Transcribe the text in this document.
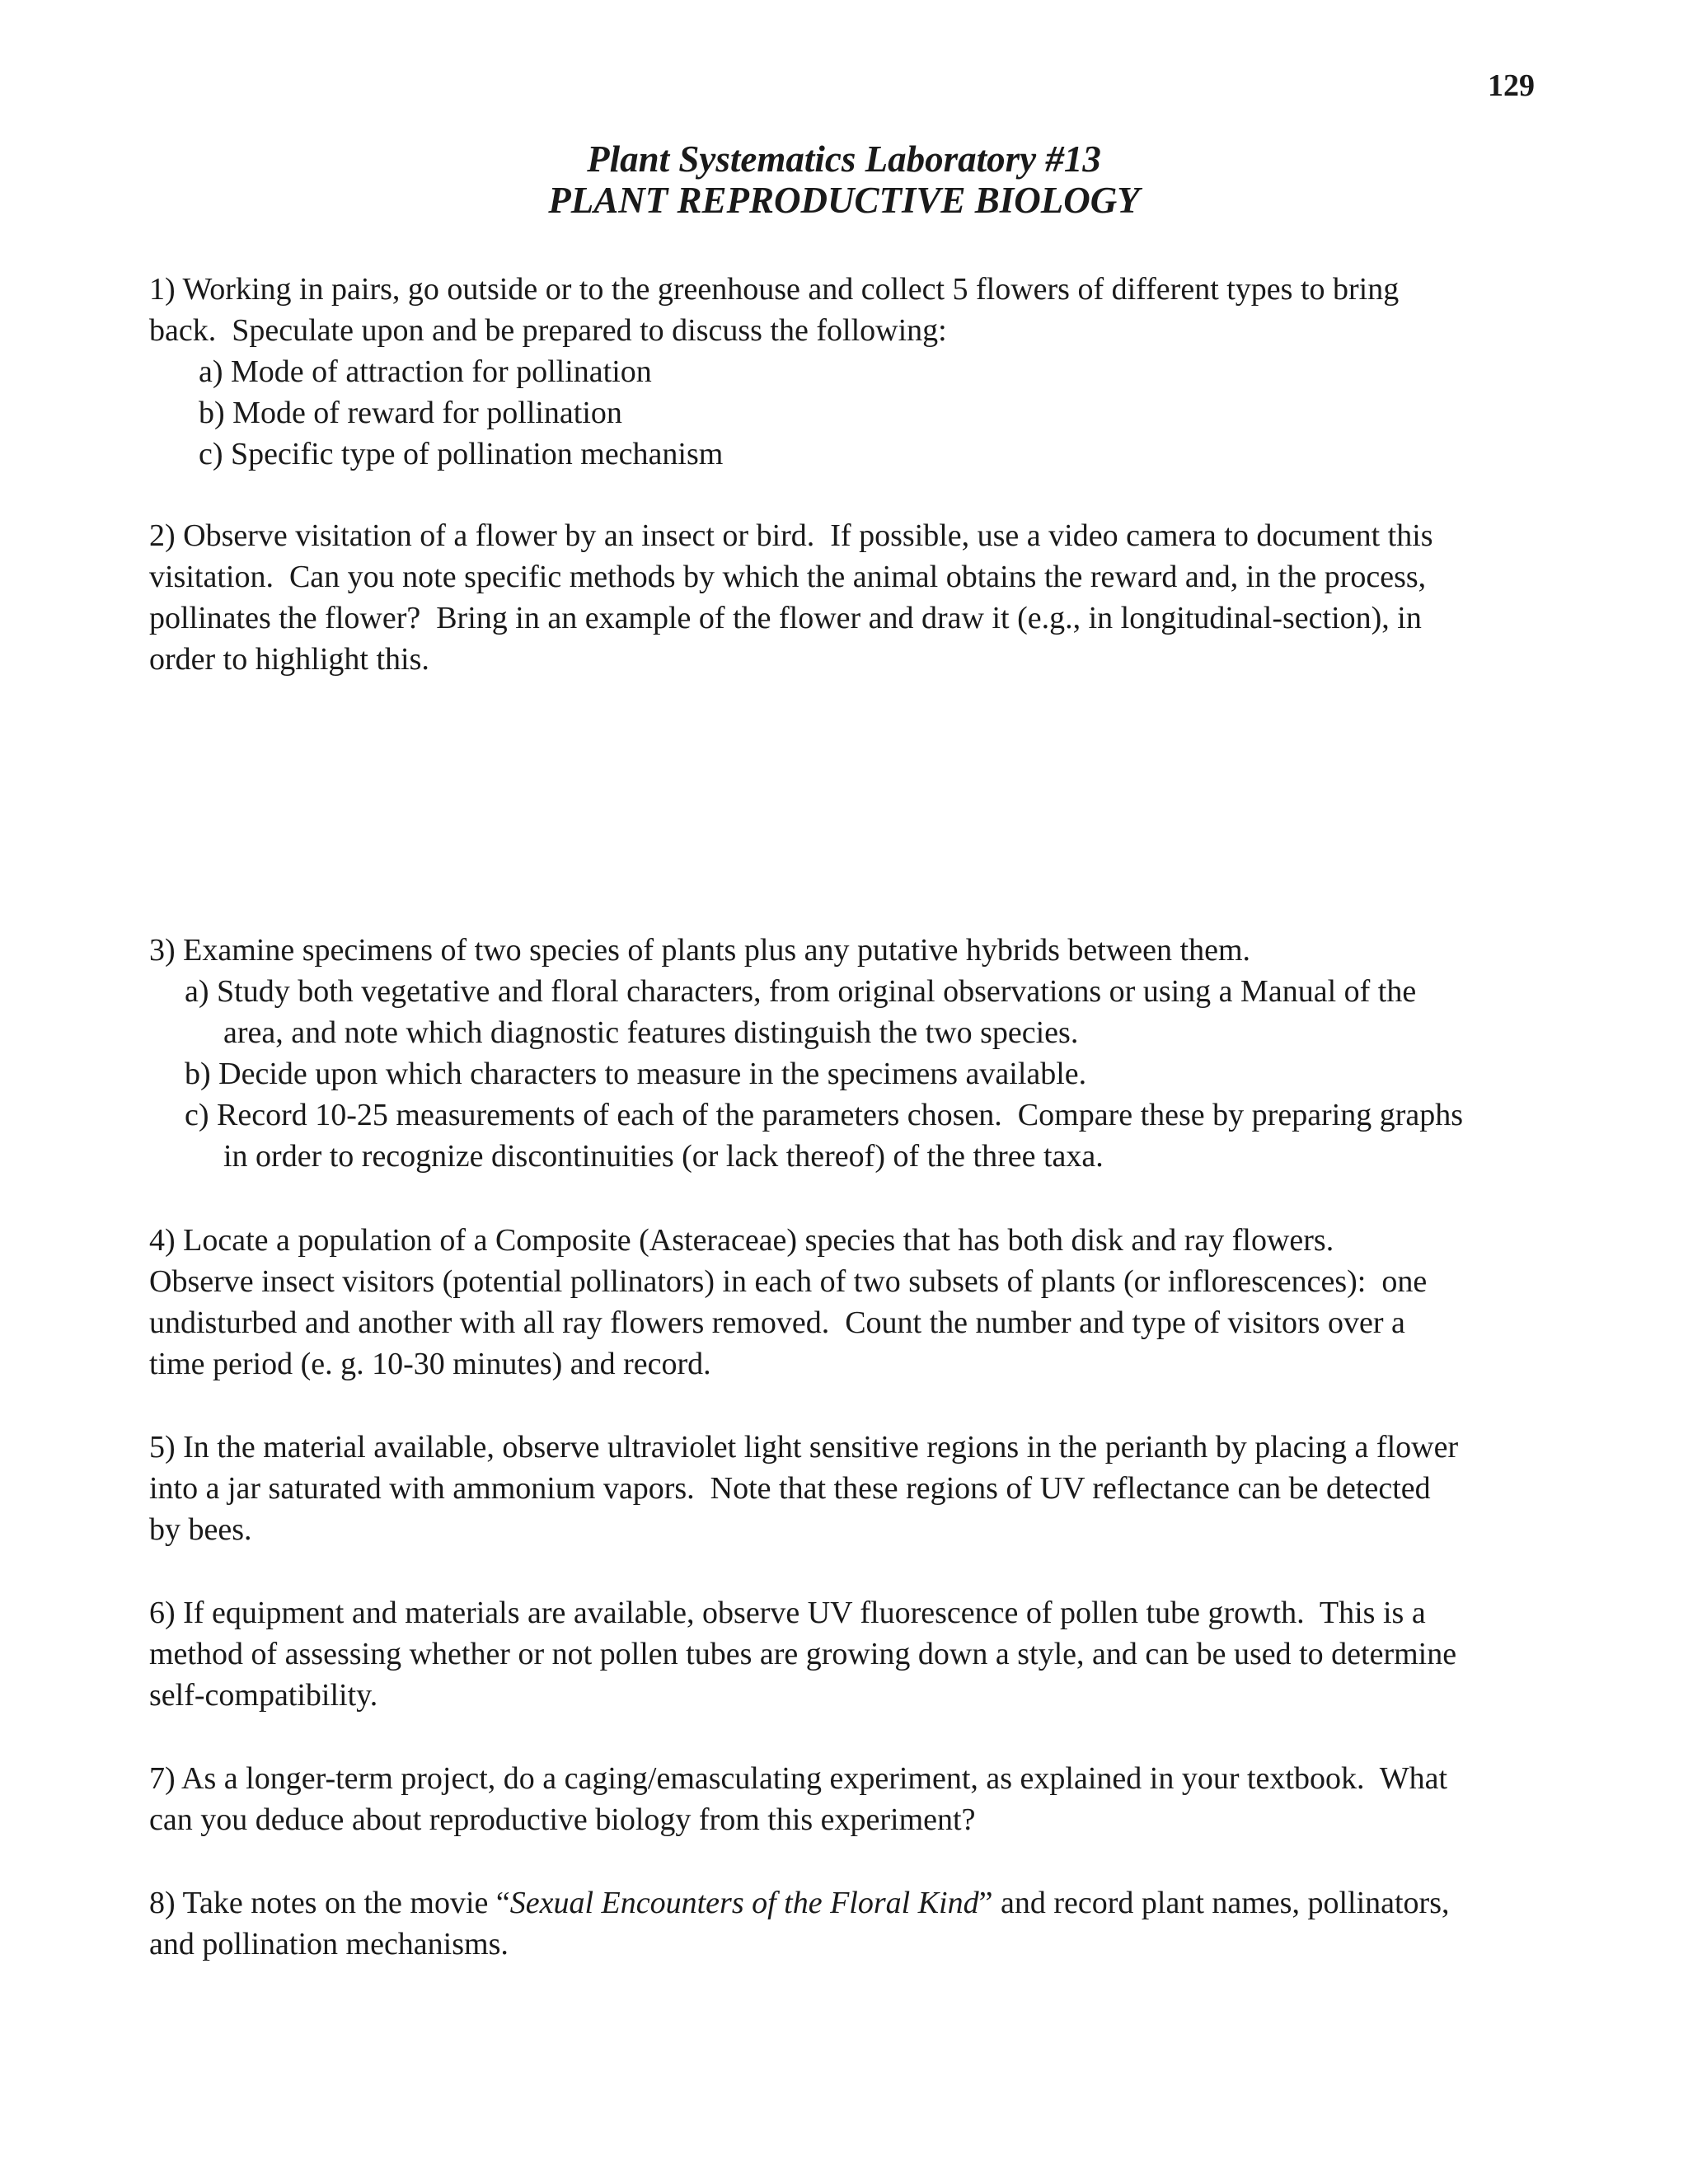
129
Plant Systematics Laboratory #13
PLANT REPRODUCTIVE BIOLOGY

1) Working in pairs, go outside or to the greenhouse and collect 5 flowers of different types to bring

back.  Speculate upon and be prepared to discuss the following:

a) Mode of attraction for pollination

b) Mode of reward for pollination

c) Specific type of pollination mechanism

2) Observe visitation of a flower by an insect or bird.  If possible, use a video camera to document this

visitation.  Can you note specific methods by which the animal obtains the reward and, in the process,

pollinates the flower?  Bring in an example of the flower and draw it (e.g., in longitudinal-section), in

order to highlight this.

3) Examine specimens of two species of plants plus any putative hybrids between them.

a) Study both vegetative and floral characters, from original observations or using a Manual of the

area, and note which diagnostic features distinguish the two species.

b) Decide upon which characters to measure in the specimens available.

c) Record 10-25 measurements of each of the parameters chosen.  Compare these by preparing graphs

in order to recognize discontinuities (or lack thereof) of the three taxa.

4) Locate a population of a Composite (Asteraceae) species that has both disk and ray flowers.

Observe insect visitors (potential pollinators) in each of two subsets of plants (or inflorescences):  one

undisturbed and another with all ray flowers removed.  Count the number and type of visitors over a

time period (e. g. 10-30 minutes) and record.

5) In the material available, observe ultraviolet light sensitive regions in the perianth by placing a flower

into a jar saturated with ammonium vapors.  Note that these regions of UV reflectance can be detected

by bees.

6) If equipment and materials are available, observe UV fluorescence of pollen tube growth.  This is a

method of assessing whether or not pollen tubes are growing down a style, and can be used to determine

self-compatibility.

7) As a longer-term project, do a caging/emasculating experiment, as explained in your textbook.  What

can you deduce about reproductive biology from this experiment?

8) Take notes on the movie “Sexual Encounters of the Floral Kind” and record plant names, pollinators,

and pollination mechanisms.
